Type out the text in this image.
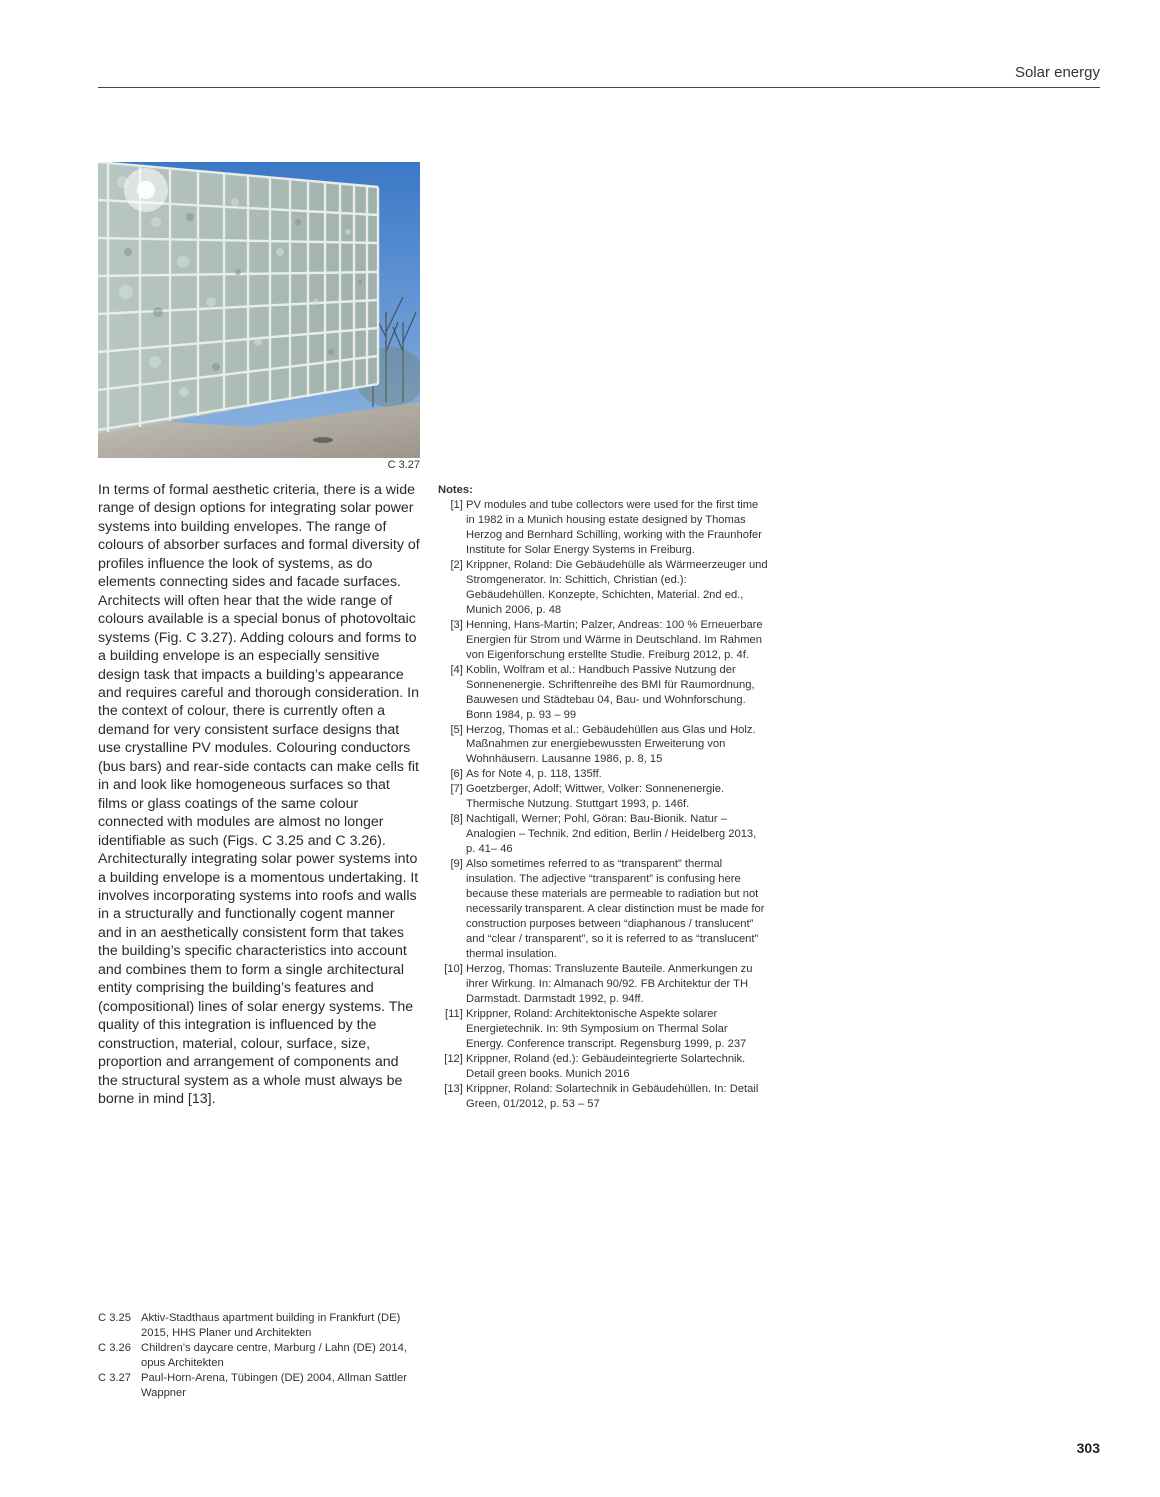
Solar energy
C 3.27

In terms of formal aesthetic criteria, there is a wide range of design options for integrating solar power systems into building envelopes. The range of colours of absorber surfaces and formal diversity of profiles influence the look of systems, as do elements connecting sides and facade surfaces. Architects will often hear that the wide range of colours available is a special bonus of photovoltaic systems (Fig. C 3.27). Adding colours and forms to a building envelope is an especially sensitive design task that impacts a building’s appearance and requires careful and thorough consideration. In the context of colour, there is currently often a demand for very consistent surface designs that use crystalline PV modules. Colouring conductors (bus bars) and rear-side contacts can make cells fit in and look like homogeneous surfaces so that films or glass coatings of the same colour connected with modules are almost no longer identifiable as such (Figs. C 3.25 and C 3.26). Architecturally integrating solar power systems into a building envelope is a momentous undertaking. It involves incorporating systems into roofs and walls in a structurally and functionally cogent manner and in an aesthetically consistent form that takes the building’s specific characteristics into account and combines them to form a single architectural entity comprising the building’s features and (compositional) lines of solar energy systems. The quality of this integration is influenced by the construction, material, colour, surface, size, proportion and arrangement of components and the structural system as a whole must always be borne in mind [13].

Notes:

[1] PV modules and tube collectors were used for the first time in 1982 in a Munich housing estate designed by Thomas Herzog and Bernhard Schilling, working with the Fraunhofer Institute for Solar Energy Systems in Freiburg.
[2] Krippner, Roland: Die Gebäudehülle als Wärmeerzeuger und Stromgenerator. In: Schittich, Christian (ed.): Gebäudehüllen. Konzepte, Schichten, Material. 2nd ed., Munich 2006, p. 48
[3] Henning, Hans-Martin; Palzer, Andreas: 100 % Erneuerbare Energien für Strom und Wärme in Deutschland. Im Rahmen von Eigenforschung erstellte Studie. Freiburg 2012, p. 4f.
[4] Koblin, Wolfram et al.: Handbuch Passive Nutzung der Sonnenenergie. Schriftenreihe des BMI für Raumordnung, Bauwesen und Städtebau 04, Bau- und Wohnforschung. Bonn 1984, p. 93 – 99
[5] Herzog, Thomas et al.: Gebäudehüllen aus Glas und Holz. Maßnahmen zur energiebewussten Erweiterung von Wohnhäusern. Lausanne 1986, p. 8, 15
[6] As for Note 4, p. 118, 135ff.
[7] Goetzberger, Adolf; Wittwer, Volker: Sonnenenergie. Thermische Nutzung. Stuttgart 1993, p. 146f.
[8] Nachtigall, Werner; Pohl, Göran: Bau-Bionik. Natur – Analogien – Technik. 2nd edition, Berlin / Heidelberg 2013, p. 41– 46
[9] Also sometimes referred to as “transparent” thermal insulation. The adjective “transparent” is confusing here because these materials are permeable to radiation but not necessarily transparent. A clear distinction must be made for construction purposes between “diaphanous / translucent” and “clear / transparent”, so it is referred to as “translucent” thermal insulation.
[10] Herzog, Thomas: Transluzente Bauteile. Anmerkungen zu ihrer Wirkung. In: Almanach 90/92. FB Architektur der TH Darmstadt. Darmstadt 1992, p. 94ff.
[11] Krippner, Roland: Architektonische Aspekte solarer Energietechnik. In: 9th Symposium on Thermal Solar Energy. Conference transcript. Regensburg 1999, p. 237
[12] Krippner, Roland (ed.): Gebäudeintegrierte Solartechnik. Detail green books. Munich 2016
[13] Krippner, Roland: Solartechnik in Gebäudehüllen. In: Detail Green, 01/2012, p. 53 – 57
C 3.25 Aktiv-Stadthaus apartment building in Frankfurt (DE) 2015, HHS Planer und Architekten
C 3.26 Children’s daycare centre, Marburg / Lahn (DE) 2014, opus Architekten
C 3.27 Paul-Horn-Arena, Tübingen (DE) 2004, Allman Sattler Wappner
303
